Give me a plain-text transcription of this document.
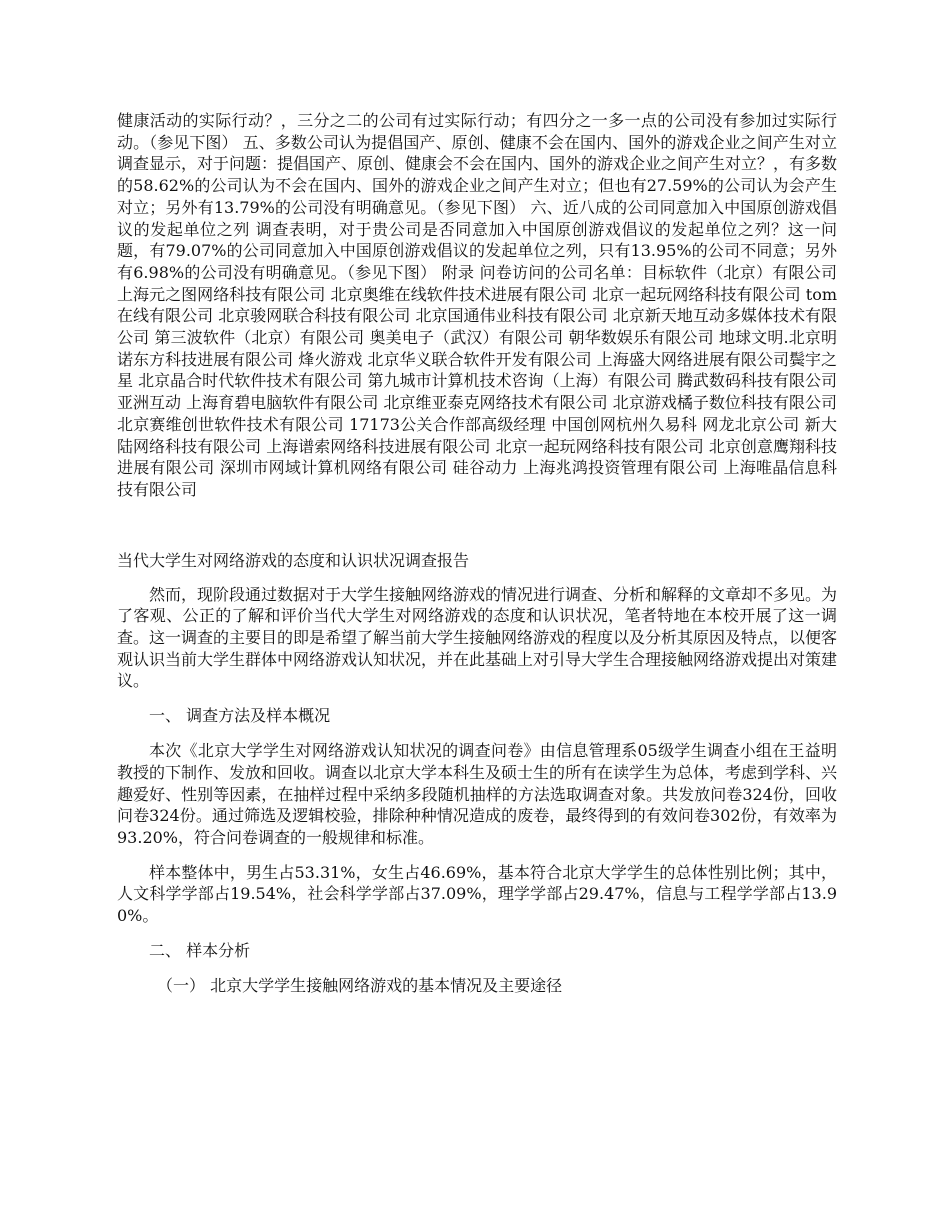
健康活动的实际行动？，三分之二的公司有过实际行动；有四分之一多一点的公司没有参加过实际行动。（参见下图） 五、多数公司认为提倡国产、原创、健康不会在国内、国外的游戏企业之间产生对立 调查显示，对于问题：提倡国产、原创、健康会不会在国内、国外的游戏企业之间产生对立？，有多数的58.62%的公司认为不会在国内、国外的游戏企业之间产生对立；但也有27.59%的公司认为会产生对立；另外有13.79%的公司没有明确意见。（参见下图） 六、近八成的公司同意加入中国原创游戏倡议的发起单位之列 调查表明，对于贵公司是否同意加入中国原创游戏倡议的发起单位之列？这一问题，有79.07%的公司同意加入中国原创游戏倡议的发起单位之列，只有13.95%的公司不同意；另外有6.98%的公司没有明确意见。（参见下图） 附录 问卷访问的公司名单：目标软件（北京）有限公司 上海元之图网络科技有限公司 北京奥维在线软件技术进展有限公司 北京一起玩网络科技有限公司 tom在线有限公司 北京骏网联合科技有限公司 北京国通伟业科技有限公司 北京新天地互动多媒体技术有限公司 第三波软件（北京）有限公司 奥美电子（武汉）有限公司 朝华数娱乐有限公司 地球文明.北京明诺东方科技进展有限公司 烽火游戏 北京华义联合软件开发有限公司 上海盛大网络进展有限公司鬓宇之星 北京晶合时代软件技术有限公司 第九城市计算机技术咨询（上海）有限公司 腾武数码科技有限公司 亚洲互动 上海育碧电脑软件有限公司 北京维亚泰克网络技术有限公司 北京游戏橘子数位科技有限公司 北京赛维创世软件技术有限公司 17173公关合作部高级经理 中国创网杭州久易科 网龙北京公司 新大陆网络科技有限公司 上海谱索网络科技进展有限公司 北京一起玩网络科技有限公司 北京创意鹰翔科技进展有限公司 深圳市网域计算机网络有限公司 硅谷动力 上海兆鸿投资管理有限公司 上海唯晶信息科技有限公司

当代大学生对网络游戏的态度和认识状况调查报告

然而，现阶段通过数据对于大学生接触网络游戏的情况进行调查、分析和解释的文章却不多见。为了客观、公正的了解和评价当代大学生对网络游戏的态度和认识状况，笔者特地在本校开展了这一调查。这一调查的主要目的即是希望了解当前大学生接触网络游戏的程度以及分析其原因及特点，以便客观认识当前大学生群体中网络游戏认知状况，并在此基础上对引导大学生合理接触网络游戏提出对策建议。

一、 调查方法及样本概况

本次《北京大学学生对网络游戏认知状况的调查问卷》由信息管理系05级学生调查小组在王益明教授的下制作、发放和回收。调查以北京大学本科生及硕士生的所有在读学生为总体，考虑到学科、兴趣爱好、性别等因素，在抽样过程中采纳多段随机抽样的方法选取调查对象。共发放问卷324份，回收问卷324份。通过筛选及逻辑校验，排除种种情况造成的废卷，最终得到的有效问卷302份，有效率为93.20%，符合问卷调查的一般规律和标准。

样本整体中，男生占53.31%，女生占46.69%，基本符合北京大学学生的总体性别比例；其中，人文科学学部占19.54%，社会科学学部占37.09%，理学学部占29.47%，信息与工程学学部占13.90%。

二、 样本分析

（一） 北京大学学生接触网络游戏的基本情况及主要途径
